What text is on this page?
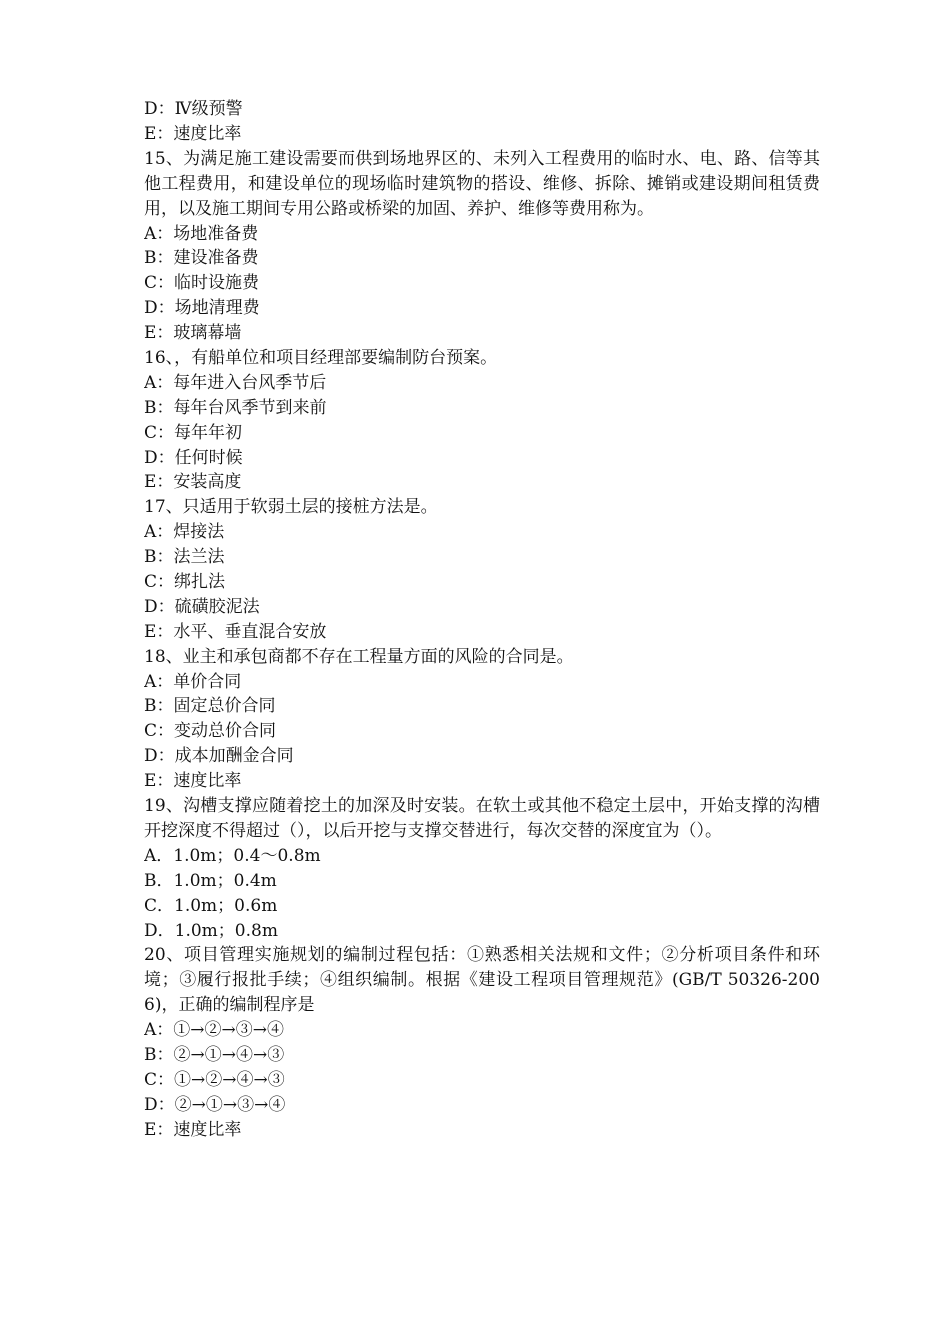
D：Ⅳ级预警
E：速度比率
15、为满足施工建设需要而供到场地界区的、未列入工程费用的临时水、电、路、信等其他工程费用，和建设单位的现场临时建筑物的搭设、维修、拆除、摊销或建设期间租赁费用，以及施工期间专用公路或桥梁的加固、养护、维修等费用称为。
A：场地准备费
B：建设准备费
C：临时设施费
D：场地清理费
E：玻璃幕墙
16、，有船单位和项目经理部要编制防台预案。
A：每年进入台风季节后
B：每年台风季节到来前
C：每年年初
D：任何时候
E：安装高度
17、只适用于软弱土层的接桩方法是。
A：焊接法
B：法兰法
C：绑扎法
D：硫磺胶泥法
E：水平、垂直混合安放
18、业主和承包商都不存在工程量方面的风险的合同是。
A：单价合同
B：固定总价合同
C：变动总价合同
D：成本加酬金合同
E：速度比率
19、沟槽支撑应随着挖土的加深及时安装。在软土或其他不稳定土层中，开始支撑的沟槽开挖深度不得超过（），以后开挖与支撑交替进行，每次交替的深度宜为（）。
A．1.0m；0.4～0.8m
B．1.0m；0.4m
C．1.0m；0.6m
D．1.0m；0.8m
20、项目管理实施规划的编制过程包括：①熟悉相关法规和文件；②分析项目条件和环境；③履行报批手续；④组织编制。根据《建设工程项目管理规范》(GB/T 50326-2006)，正确的编制程序是
A：①→②→③→④
B：②→①→④→③
C：①→②→④→③
D：②→①→③→④
E：速度比率
